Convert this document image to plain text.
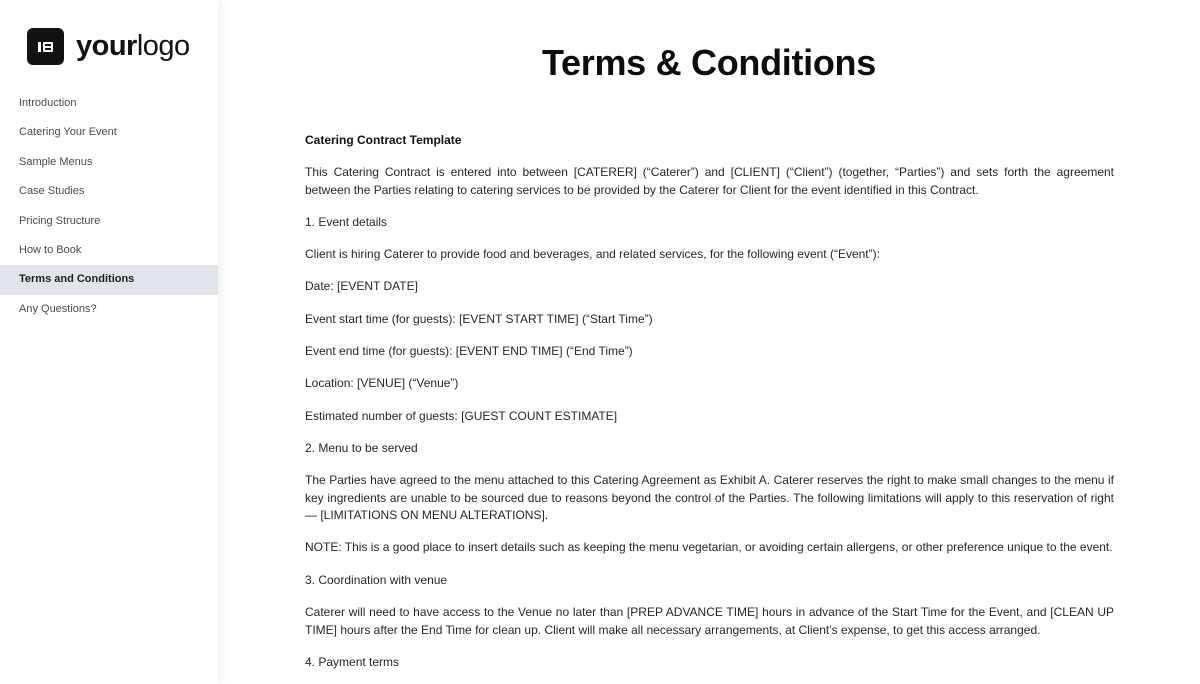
yourlogo
Introduction
Catering Your Event
Sample Menus
Case Studies
Pricing Structure
How to Book
Terms and Conditions
Any Questions?
Terms & Conditions

Catering Contract Template

This Catering Contract is entered into between [CATERER] (“Caterer”) and [CLIENT] (“Client”) (together, “Parties”) and sets forth the agreement between the Parties relating to catering services to be provided by the Caterer for Client for the event identified in this Contract.

1. Event details

Client is hiring Caterer to provide food and beverages, and related services, for the following event (“Event”):

Date: [EVENT DATE]

Event start time (for guests): [EVENT START TIME] (“Start Time”)

Event end time (for guests): [EVENT END TIME] (“End Time”)

Location: [VENUE] (“Venue”)

Estimated number of guests: [GUEST COUNT ESTIMATE]

2. Menu to be served

The Parties have agreed to the menu attached to this Catering Agreement as Exhibit A. Caterer reserves the right to make small changes to the menu if key ingredients are unable to be sourced due to reasons beyond the control of the Parties. The following limitations will apply to this reservation of right — [LIMITATIONS ON MENU ALTERATIONS].

NOTE: This is a good place to insert details such as keeping the menu vegetarian, or avoiding certain allergens, or other preference unique to the event.

3. Coordination with venue

Caterer will need to have access to the Venue no later than [PREP ADVANCE TIME] hours in advance of the Start Time for the Event, and [CLEAN UP TIME] hours after the End Time for clean up. Client will make all necessary arrangements, at Client’s expense, to get this access arranged.

4. Payment terms
